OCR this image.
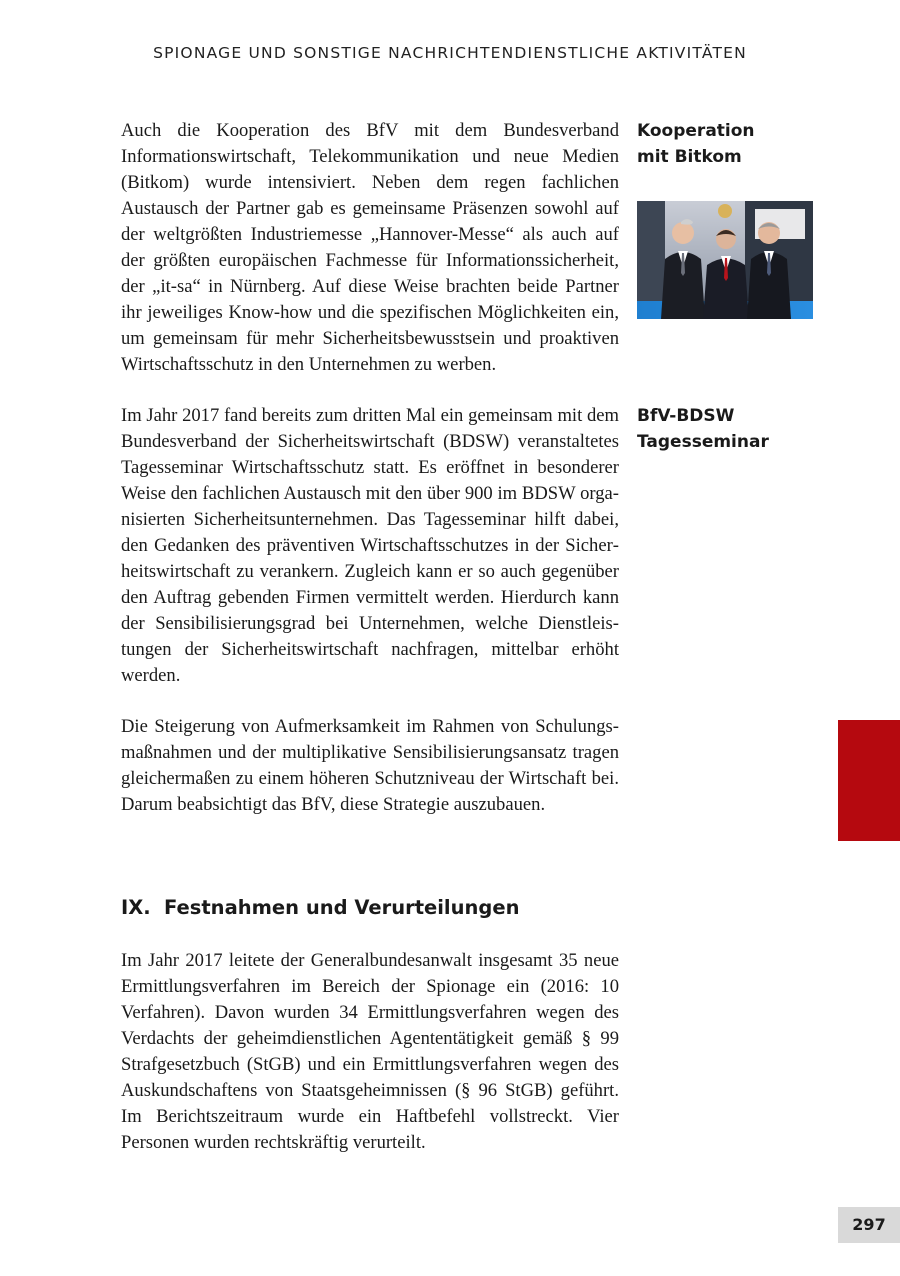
SPIONAGE UND SONSTIGE NACHRICHTENDIENSTLICHE AKTIVITÄTEN

Auch die Kooperation des BfV mit dem Bundesverband Informationswirtschaft, Telekommunikation und neue Medien (Bitkom) wurde intensiviert. Neben dem regen fachlichen Austausch der Partner gab es gemeinsame Präsenzen sowohl auf der weltgrößten Industriemesse „Hannover-Messe“ als auch auf der größten europäischen Fachmesse für Informationssicherheit, der „it-sa“ in Nürnberg. Auf diese Weise brachten beide Partner ihr jeweiliges Know-how und die spezifischen Möglichkeiten ein, um gemeinsam für mehr Sicherheitsbewusstsein und proaktiven Wirtschaftsschutz in den Unternehmen zu werben.

Kooperation
mit Bitkom

Im Jahr 2017 fand bereits zum dritten Mal ein gemeinsam mit dem Bundesverband der Sicherheitswirtschaft (BDSW) veranstaltetes Tagesseminar Wirtschaftsschutz statt. Es eröffnet in besonderer Weise den fachlichen Austausch mit den über 900 im BDSW organisierten Sicherheitsunternehmen. Das Tagesseminar hilft dabei, den Gedanken des präventiven Wirtschaftsschutzes in der Sicherheitswirtschaft zu verankern. Zugleich kann er so auch gegenüber den Auftrag gebenden Firmen vermittelt werden. Hierdurch kann der Sensibilisierungsgrad bei Unternehmen, welche Dienstleistungen der Sicherheitswirtschaft nachfragen, mittelbar erhöht werden.

BfV-BDSW
Tagesseminar

Die Steigerung von Aufmerksamkeit im Rahmen von Schulungsmaßnahmen und der multiplikative Sensibilisierungsansatz tragen gleichermaßen zu einem höheren Schutzniveau der Wirtschaft bei. Darum beabsichtigt das BfV, diese Strategie auszubauen.

IX. Festnahmen und Verurteilungen

Im Jahr 2017 leitete der Generalbundesanwalt insgesamt 35 neue Ermittlungsverfahren im Bereich der Spionage ein (2016: 10 Verfahren). Davon wurden 34 Ermittlungsverfahren wegen des Verdachts der geheimdienstlichen Agententätigkeit gemäß § 99 Strafgesetzbuch (StGB) und ein Ermittlungsverfahren wegen des Auskundschaftens von Staatsgeheimnissen (§ 96 StGB) geführt. Im Berichtszeitraum wurde ein Haftbefehl vollstreckt. Vier Personen wurden rechtskräftig verurteilt.

297
